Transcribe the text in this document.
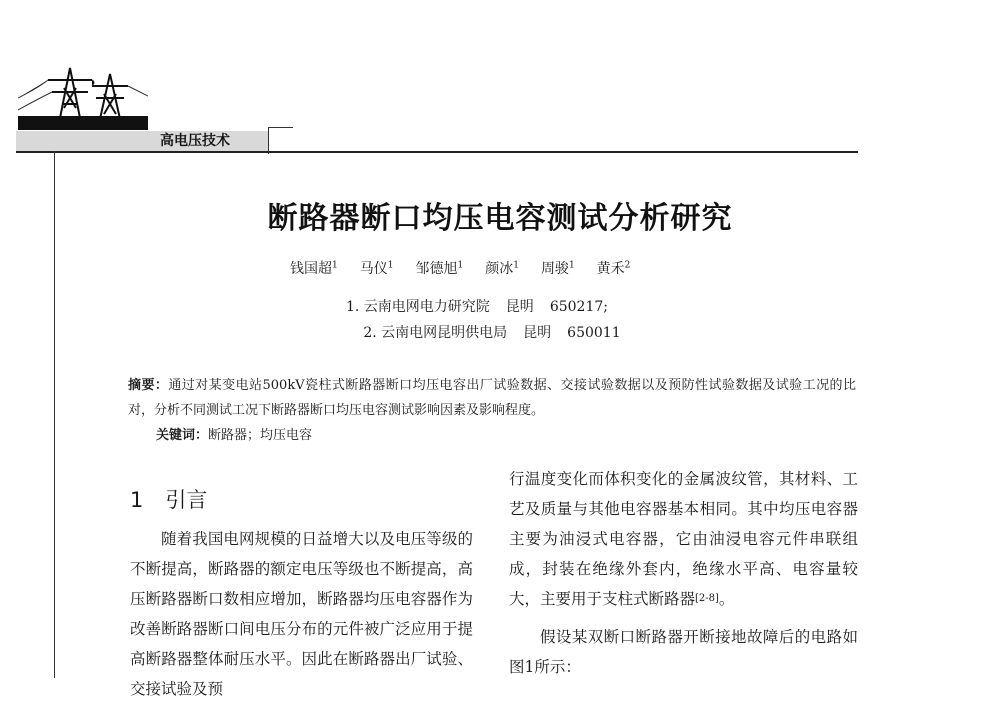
高电压技术
断路器断口均压电容测试分析研究
钱国超$^1$ 马仪$^1$ 邹德旭$^1$ 颜冰$^1$ 周骏$^1$ 黄禾$^2$
1. 云南电网电力研究院 昆明 650217;
2. 云南电网昆明供电局 昆明 650011
摘要：通过对某变电站500kV瓷柱式断路器断口均压电容出厂试验数据、交接试验数据以及预防性试验数据及试验工况的比对，分析不同测试工况下断路器断口均压电容测试影响因素及影响程度。
关键词：断路器；均压电容
1 引言
随着我国电网规模的日益增大以及电压等级的不断提高，断路器的额定电压等级也不断提高，高压断路器断口数相应增加，断路器均压电容器作为改善断路器断口间电压分布的元件被广泛应用于提高断路器整体耐压水平。因此在断路器出厂试验、交接试验及预

行温度变化而体积变化的金属波纹管，其材料、工艺及质量与其他电容器基本相同。其中均压电容器主要为油浸式电容器，它由油浸电容元件串联组成，封装在绝缘外套内，绝缘水平高、电容量较大，主要用于支柱式断路器[2-8]。

假设某双断口断路器开断接地故障后的电路如图1所示：
